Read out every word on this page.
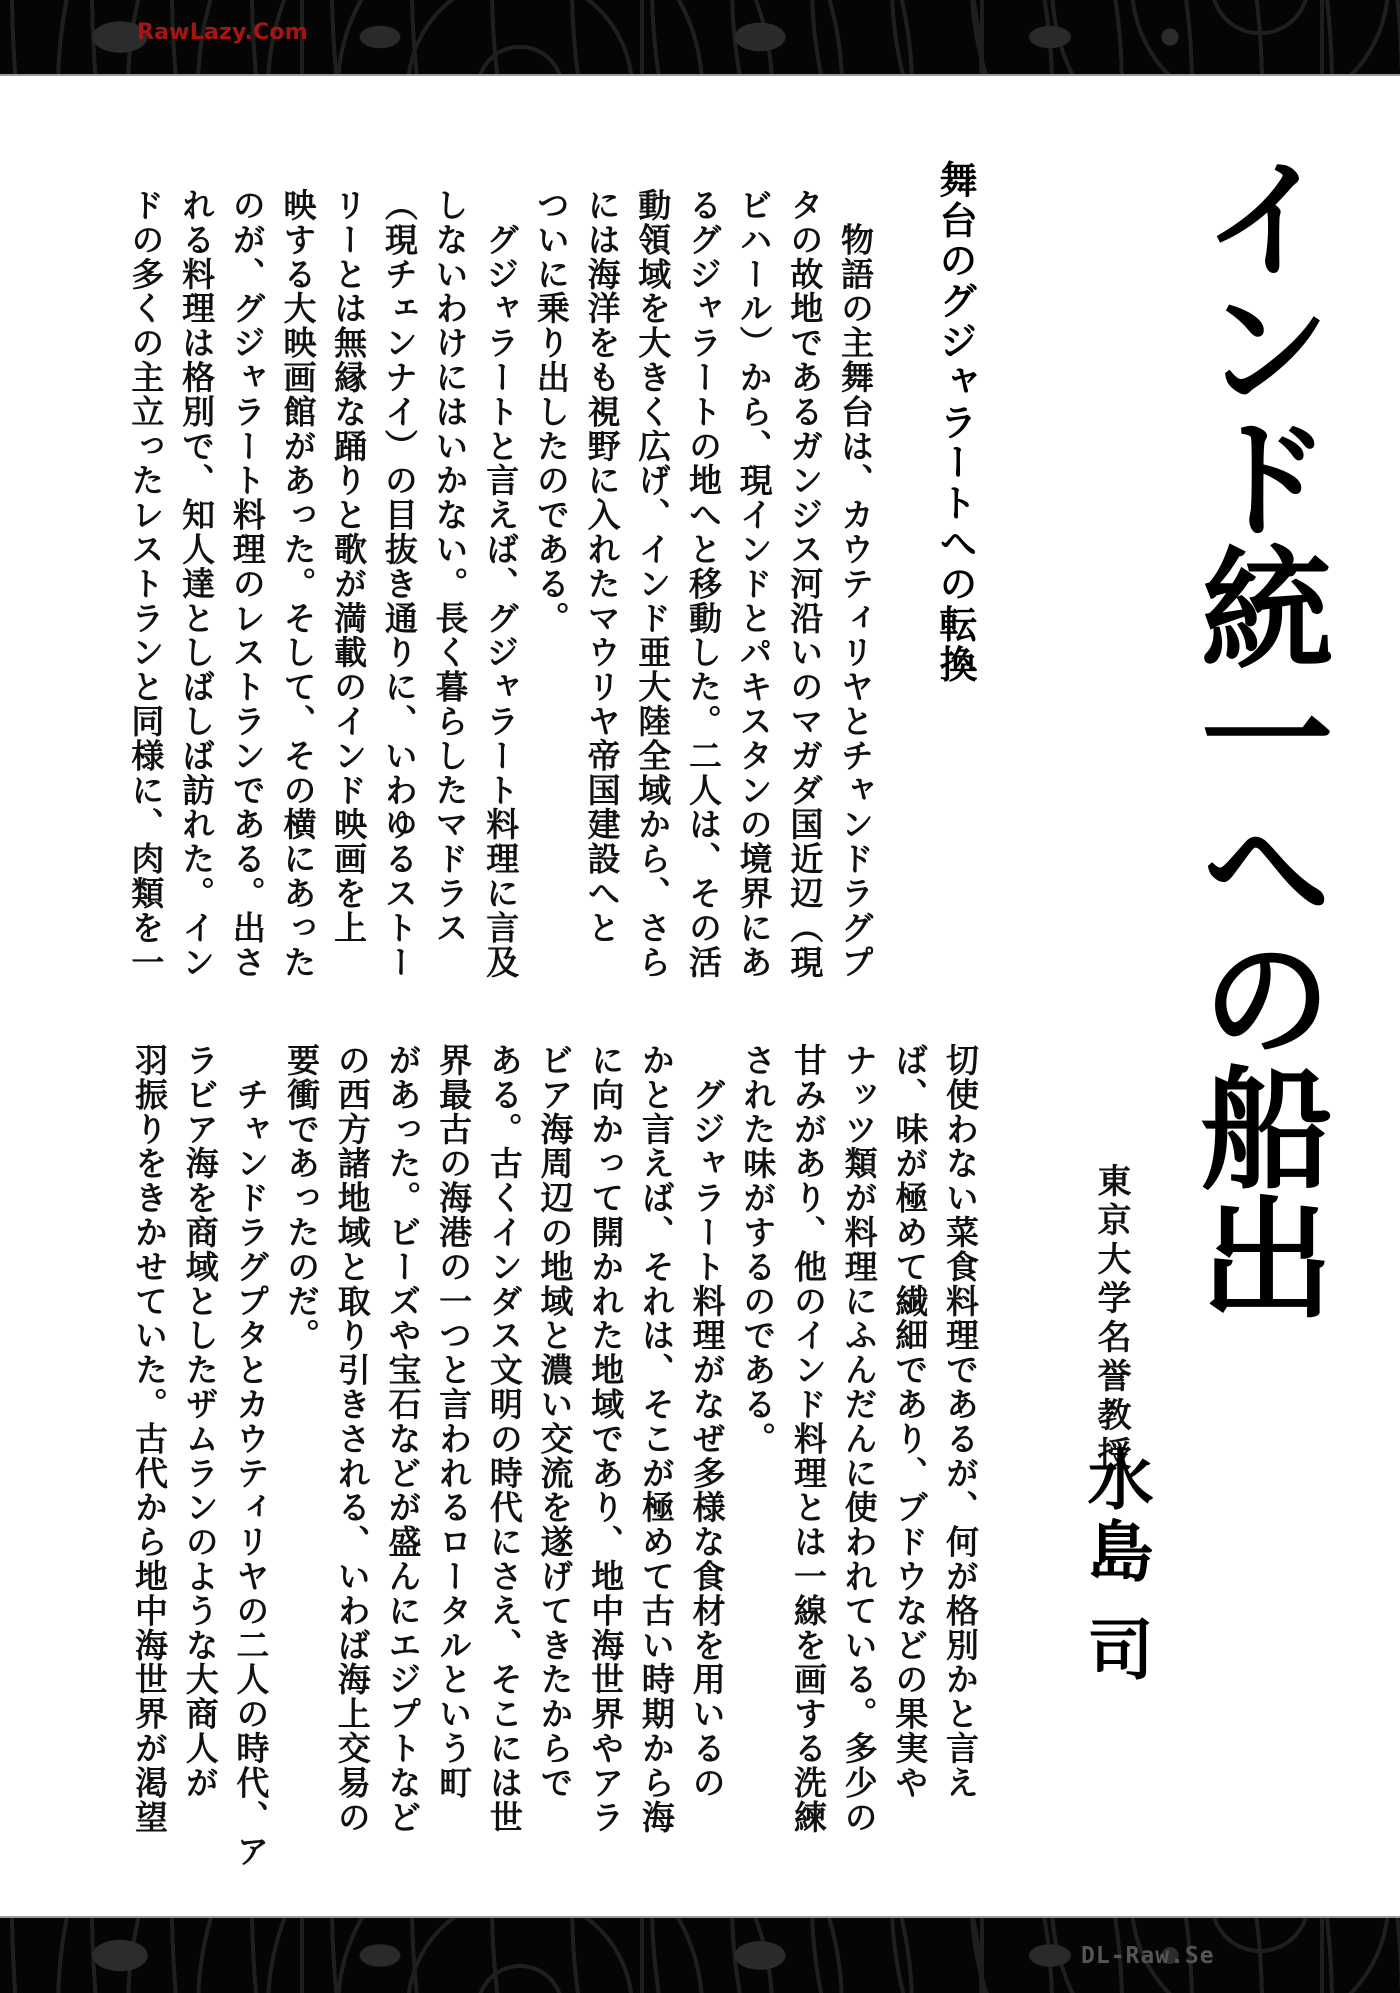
RawLazy.Com
インド統一への船出
東京大学名誉教授
水島司
舞台のグジャラートへの転換
　物語の主舞台は、カウティリヤとチャンドラグプ
タの故地であるガンジス河沿いのマガダ国近辺（現
ビハール）から、現インドとパキスタンの境界にあ
るグジャラートの地へと移動した。二人は、その活
動領域を大きく広げ、インド亜大陸全域から、さら
には海洋をも視野に入れたマウリヤ帝国建設へと
ついに乗り出したのである。
　グジャラートと言えば、グジャラート料理に言及
しないわけにはいかない。長く暮らしたマドラス
（現チェンナイ）の目抜き通りに、いわゆるストー
リーとは無縁な踊りと歌が満載のインド映画を上
映する大映画館があった。そして、その横にあった
のが、グジャラート料理のレストランである。出さ
れる料理は格別で、知人達としばしば訪れた。イン
ドの多くの主立ったレストランと同様に、肉類を一
切使わない菜食料理であるが、何が格別かと言え
ば、味が極めて繊細であり、ブドウなどの果実や
ナッツ類が料理にふんだんに使われている。多少の
甘みがあり、他のインド料理とは一線を画する洗練
された味がするのである。
　グジャラート料理がなぜ多様な食材を用いるの
かと言えば、それは、そこが極めて古い時期から海
に向かって開かれた地域であり、地中海世界やアラ
ビア海周辺の地域と濃い交流を遂げてきたからで
ある。古くインダス文明の時代にさえ、そこには世
界最古の海港の一つと言われるロータルという町
があった。ビーズや宝石などが盛んにエジプトなど
の西方諸地域と取り引きされる、いわば海上交易の
要衝であったのだ。
　チャンドラグプタとカウティリヤの二人の時代、ア
ラビア海を商域としたザムランのような大商人が
羽振りをきかせていた。古代から地中海世界が渇望
DL-Raw.Se
